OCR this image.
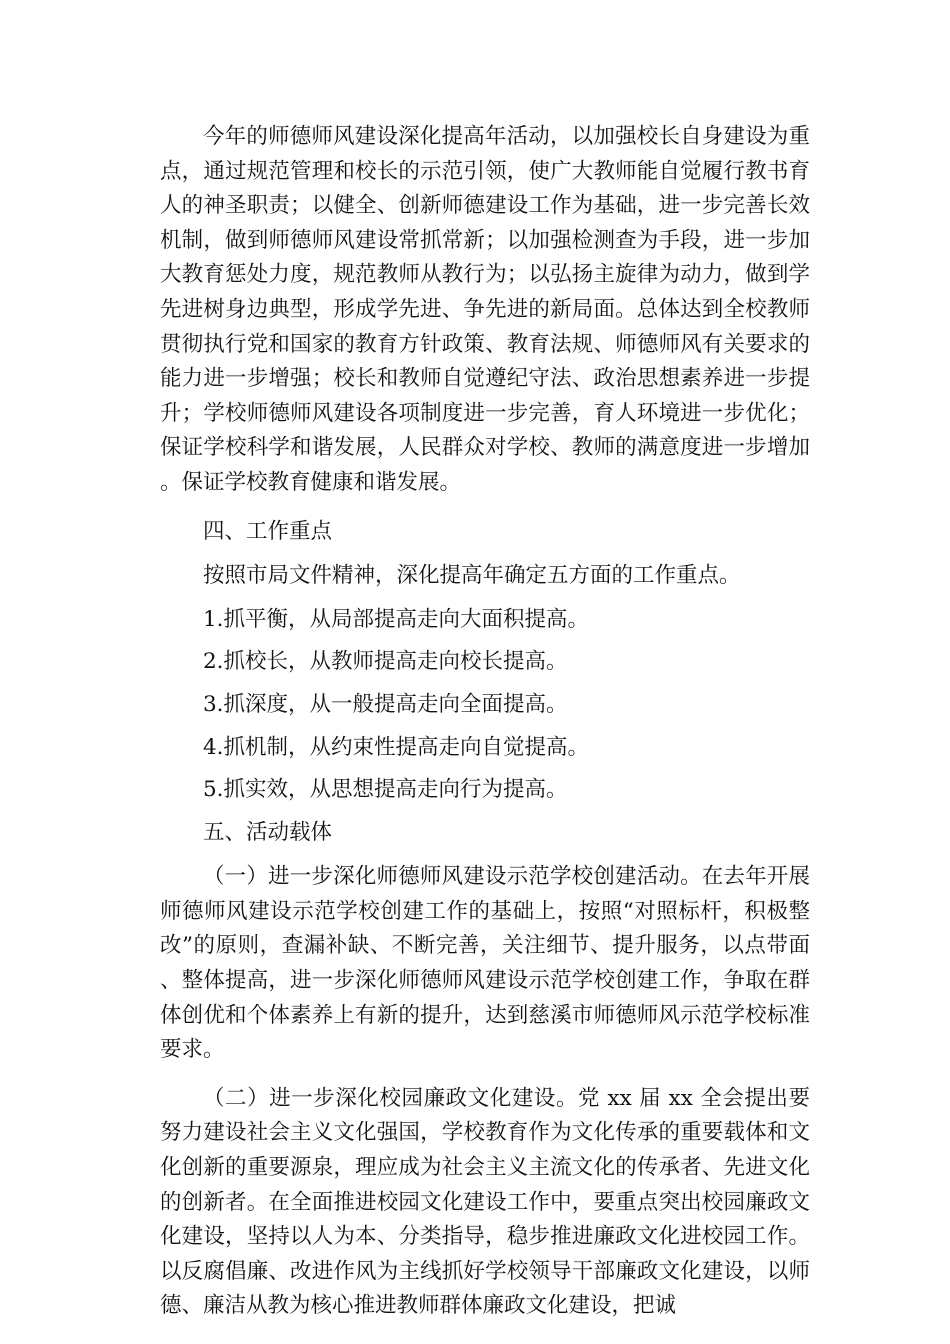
今年的师德师风建设深化提高年活动，以加强校长自身建设为重点，通过规范管理和校长的示范引领，使广大教师能自觉履行教书育人的神圣职责；以健全、创新师德建设工作为基础，进一步完善长效机制，做到师德师风建设常抓常新；以加强检测查为手段，进一步加大教育惩处力度，规范教师从教行为；以弘扬主旋律为动力，做到学先进树身边典型，形成学先进、争先进的新局面。总体达到全校教师贯彻执行党和国家的教育方针政策、教育法规、师德师风有关要求的能力进一步增强；校长和教师自觉遵纪守法、政治思想素养进一步提升；学校师德师风建设各项制度进一步完善，育人环境进一步优化；保证学校科学和谐发展，人民群众对学校、教师的满意度进一步增加。保证学校教育健康和谐发展。

四、工作重点

按照市局文件精神，深化提高年确定五方面的工作重点。

1.抓平衡，从局部提高走向大面积提高。

2.抓校长，从教师提高走向校长提高。

3.抓深度，从一般提高走向全面提高。

4.抓机制，从约束性提高走向自觉提高。

5.抓实效，从思想提高走向行为提高。

五、活动载体

（一）进一步深化师德师风建设示范学校创建活动。在去年开展师德师风建设示范学校创建工作的基础上，按照“对照标杆，积极整改”的原则，查漏补缺、不断完善，关注细节、提升服务，以点带面、整体提高，进一步深化师德师风建设示范学校创建工作，争取在群体创优和个体素养上有新的提升，达到慈溪市师德师风示范学校标准要求。

（二）进一步深化校园廉政文化建设。党 xx 届 xx 全会提出要努力建设社会主义文化强国，学校教育作为文化传承的重要载体和文化创新的重要源泉，理应成为社会主义主流文化的传承者、先进文化的创新者。在全面推进校园文化建设工作中，要重点突出校园廉政文化建设，坚持以人为本、分类指导，稳步推进廉政文化进校园工作。以反腐倡廉、改进作风为主线抓好学校领导干部廉政文化建设，以师德、廉洁从教为核心推进教师群体廉政文化建设，把诚
